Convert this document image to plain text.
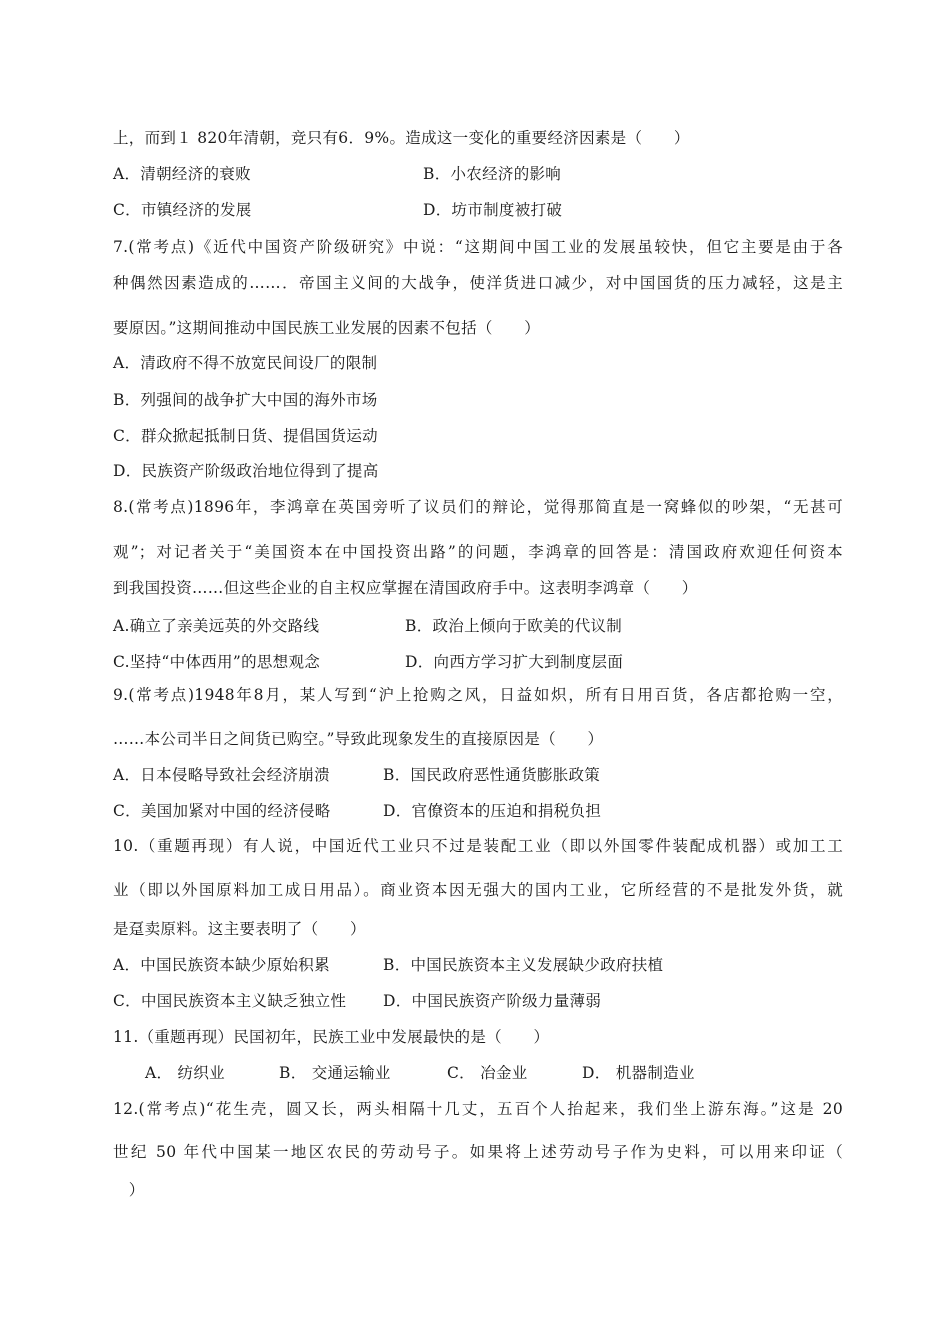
上，而到１ 820年清朝，竞只有6．9%。造成这一变化的重要经济因素是（　　）
A．清朝经济的衰败	B．小农经济的影响
C．市镇经济的发展	D．坊市制度被打破
7.(常考点)《近代中国资产阶级研究》中说：“这期间中国工业的发展虽较快，但它主要是由于各
种偶然因素造成的……．帝国主义间的大战争，使洋货进口减少，对中国国货的压力减轻，这是主
要原因。”这期间推动中国民族工业发展的因素不包括（　　）
A．清政府不得不放宽民间设厂的限制
B．列强间的战争扩大中国的海外市场
C．群众掀起抵制日货、提倡国货运动
D．民族资产阶级政治地位得到了提高
8.(常考点)1896年，李鸿章在英国旁听了议员们的辩论，觉得那简直是一窝蜂似的吵架，“无甚可
观”；对记者关于“美国资本在中国投资出路”的问题，李鸿章的回答是：清国政府欢迎任何资本
到我国投资……但这些企业的自主权应掌握在清国政府手中。这表明李鸿章（　　）
A.确立了亲美远英的外交路线	B．政治上倾向于欧美的代议制
C.坚持“中体西用”的思想观念	D．向西方学习扩大到制度层面
9.(常考点)1948年8月，某人写到“沪上抢购之风，日益如炽，所有日用百货，各店都抢购一空，
……本公司半日之间货已购空。”导致此现象发生的直接原因是（　　）
A．日本侵略导致社会经济崩溃	B．国民政府恶性通货膨胀政策
C．美国加紧对中国的经济侵略	D．官僚资本的压迫和捐税负担
10.（重题再现）有人说，中国近代工业只不过是装配工业（即以外国零件装配成机器）或加工工
业（即以外国原料加工成日用品）。商业资本因无强大的国内工业，它所经营的不是批发外货，就
是趸卖原料。这主要表明了（　　）
A．中国民族资本缺少原始积累	B．中国民族资本主义发展缺少政府扶植
C．中国民族资本主义缺乏独立性 D．中国民族资产阶级力量薄弱
11.（重题再现）民国初年，民族工业中发展最快的是（　　）
A． 纺织业	B． 交通运输业	C． 冶金业	D． 机器制造业
12.(常考点)“花生壳，圆又长，两头相隔十几丈，五百个人抬起来，我们坐上游东海。”这是 20
世纪 50 年代中国某一地区农民的劳动号子。如果将上述劳动号子作为史料，可以用来印证（
　）
